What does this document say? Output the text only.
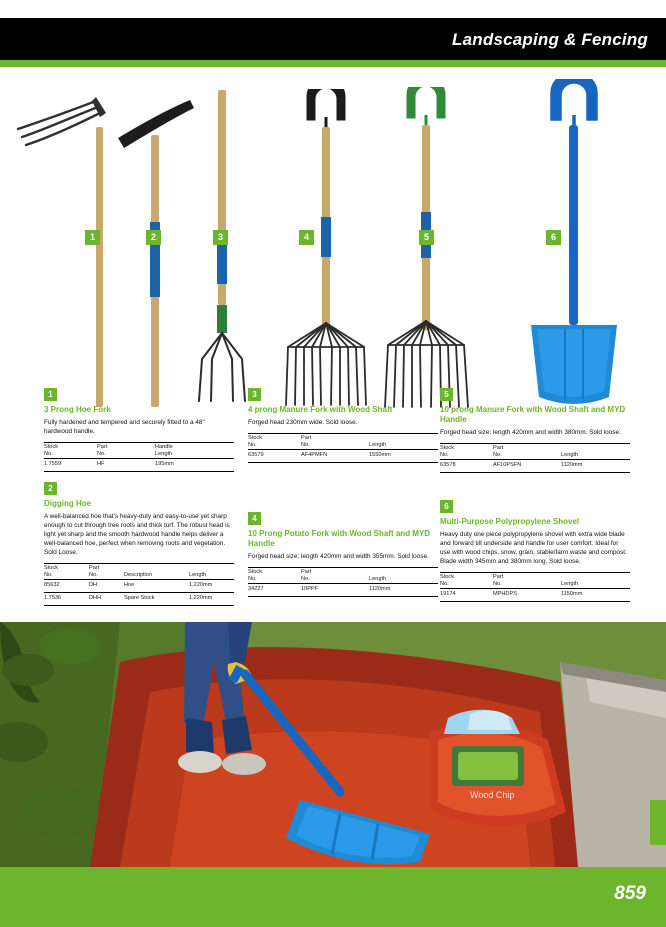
Landscaping & Fencing
1	2	3	4	5	6
1

3 Prong Hoe Fork

Fully hardened and tempered and securely fitted to a 48" hardwood handle.

Stock
No.	Part
No.	Handle
Length
1.7559	HF	195mm
2

Digging Hoe

A well-balanced hoe that's heavy-duty and easy-to-use yet sharp enough to cut through tree roots and thick turf. The robust head is light yet sharp and the smooth hardwood handle helps deliver a well-balanced hoe, perfect when removing roots and vegetation. Sold Loose.

Stock
No.	Part
No.	Description	Length
85632	DH	Hoe	1,220mm
1.7536	DHH	Spare Stock	1,220mm
3

4 prong Manure Fork with Wood Shaft

Forged head 230mm wide. Sold loose.

Stock
No.	Part
No.	Length
63579	AF4PMFN	1550mm
4

10 Prong Potato Fork with Wood Shaft and MYD Handle

Forged head size; length 420mm and width 355mm. Sold loose.

Stock
No.	Part
No.	Length
34227	10PPF	1120mm
5

10 prong Manure Fork with Wood Shaft and MYD Handle

Forged head size; length 420mm and width 380mm. Sold loose.

Stock
No.	Part
No.	Length
63578	AF10PSFN	1120mm
6

Multi-Purpose Polypropylene Shovel

Heavy duty one piece polypropylene shovel with extra wide blade and forward tilt underside and handle for user comfort. Ideal for use with wood chips, snow, grain, stable/farm waste and compost. Blade width 345mm and 380mm long. Sold loose.

Stock
No.	Part
No.	Length
19174	MPHDPS	1150mm
Wood Chip
859
